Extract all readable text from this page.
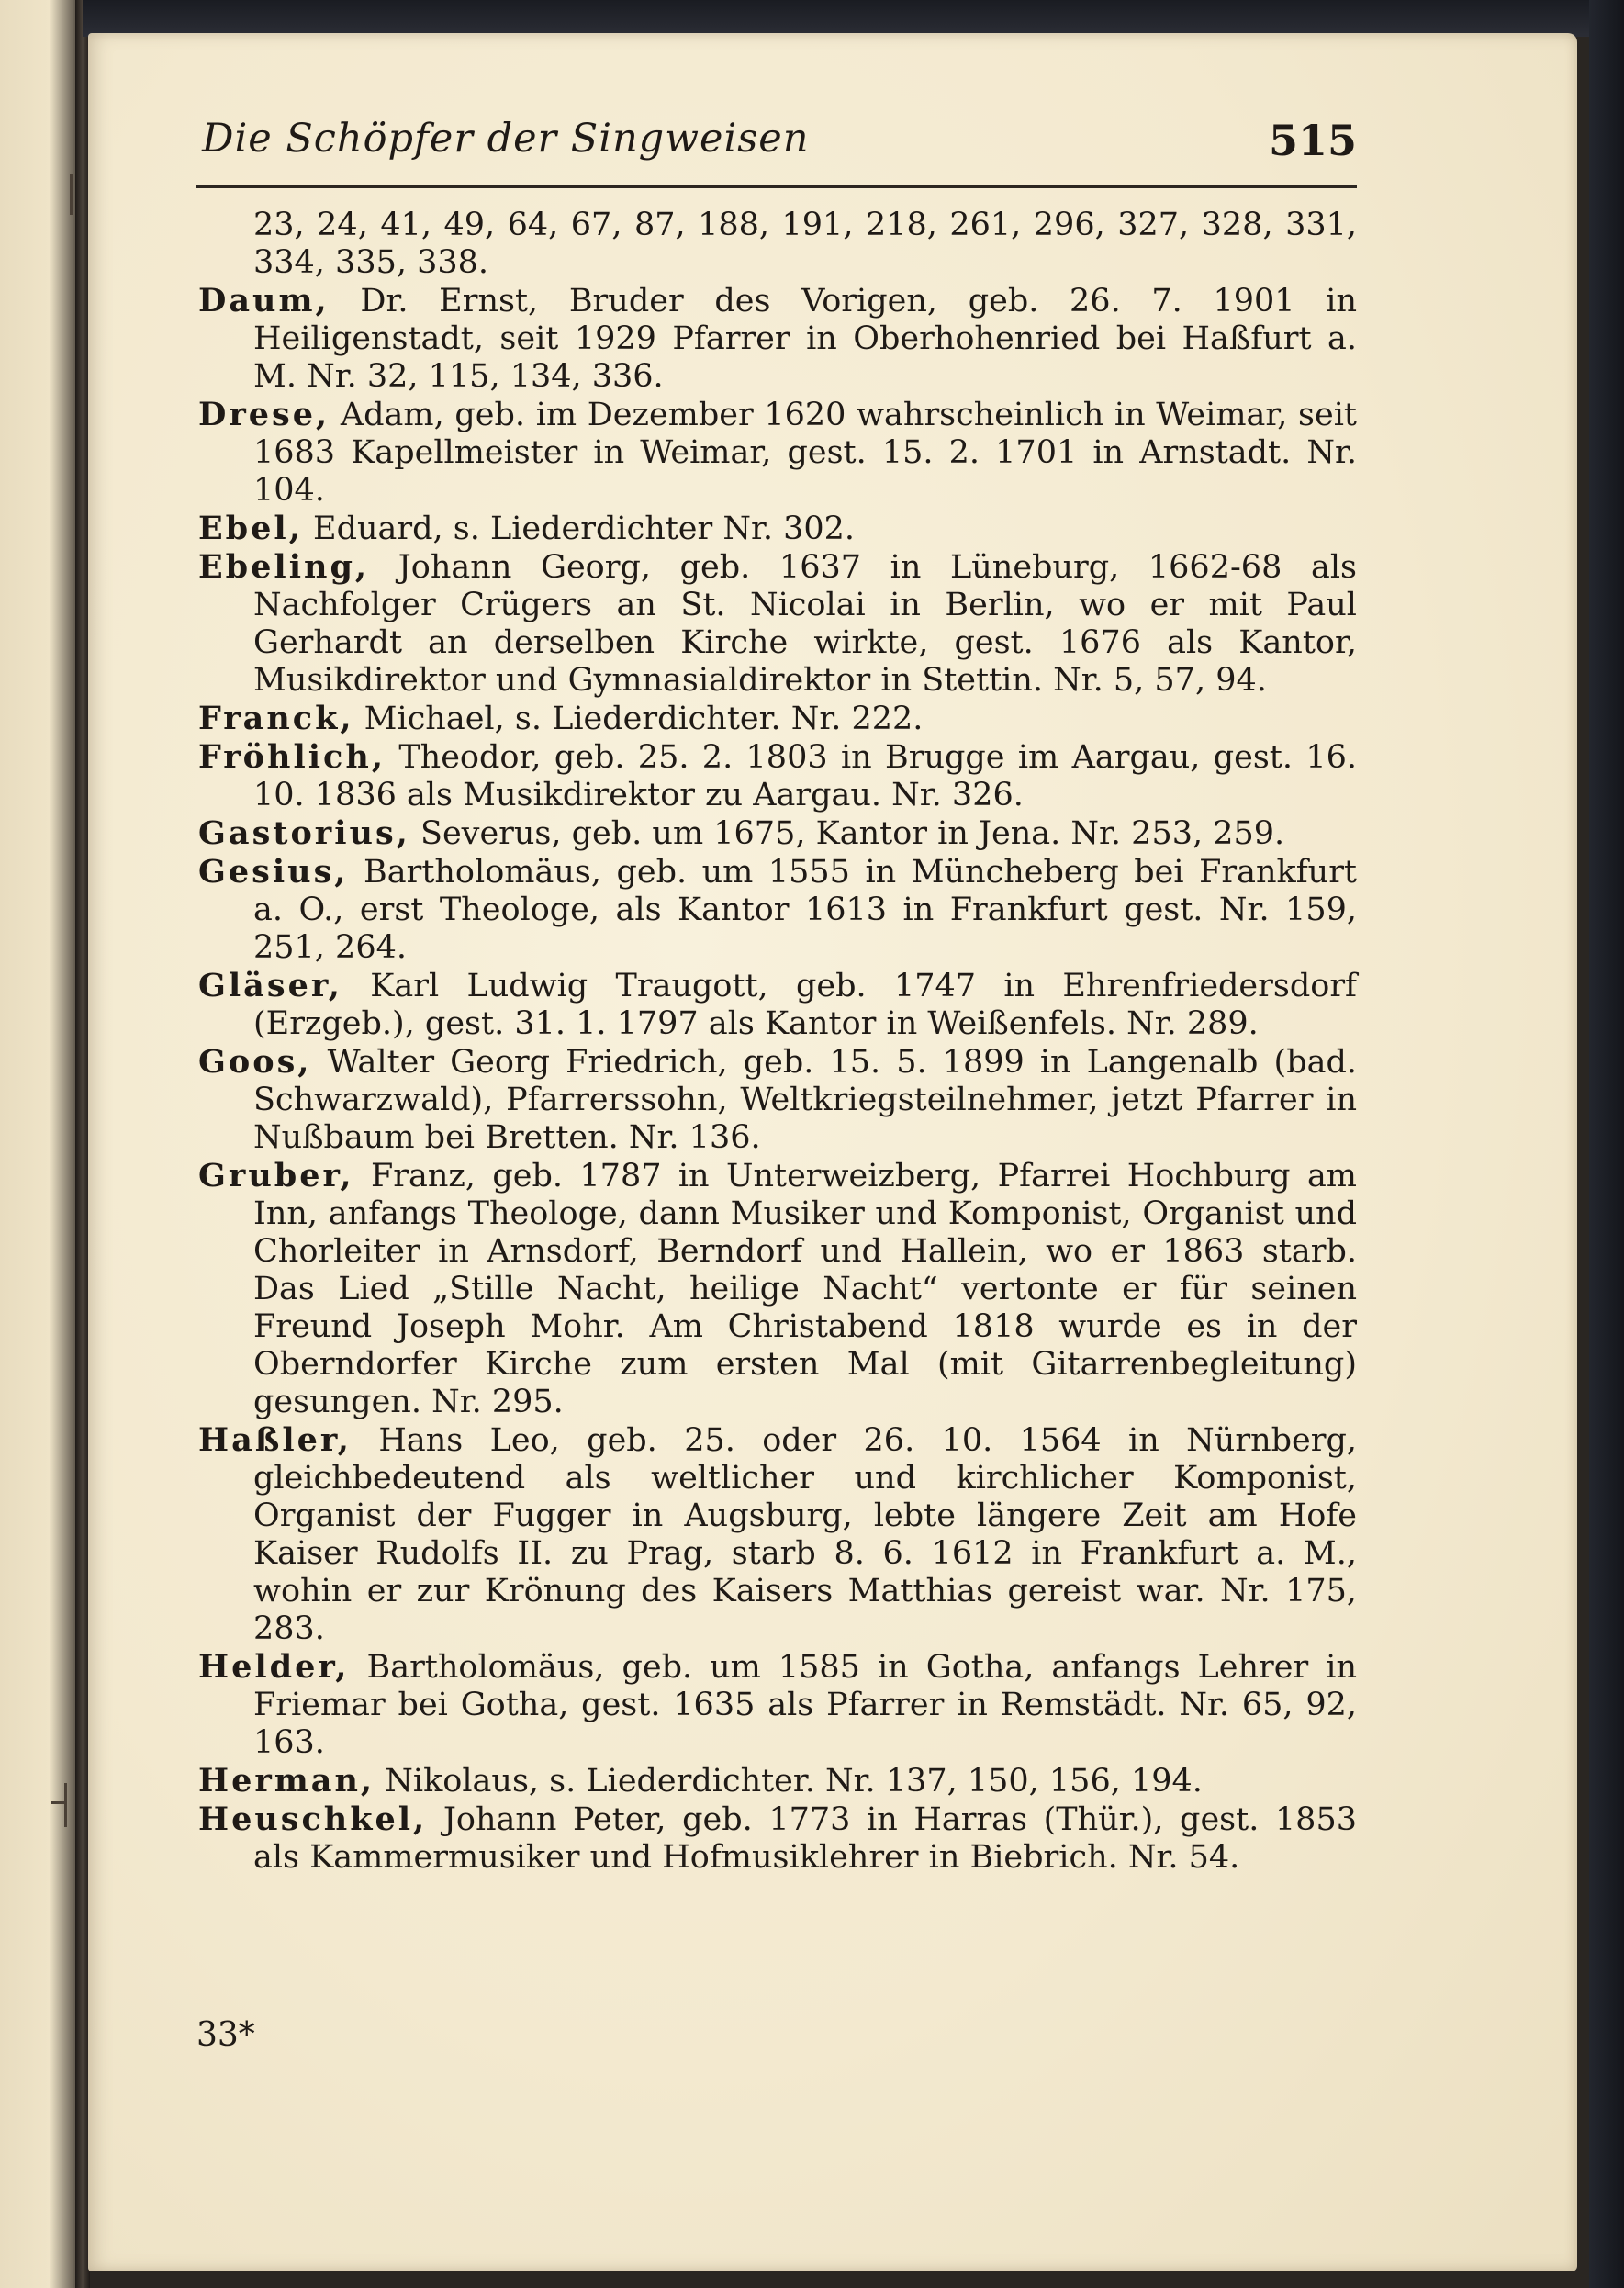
Die Schöpfer der Singweisen	515

23, 24, 41, 49, 64, 67, 87, 188, 191, 218, 261, 296, 327, 328, 331, 334, 335, 338.

Daum, Dr. Ernst, Bruder des Vorigen, geb. 26. 7. 1901 in Heiligenstadt, seit 1929 Pfarrer in Oberhohenried bei Haßfurt a. M. Nr. 32, 115, 134, 336.

Drese, Adam, geb. im Dezember 1620 wahrscheinlich in Weimar, seit 1683 Kapellmeister in Weimar, gest. 15. 2. 1701 in Arnstadt. Nr. 104.

Ebel, Eduard, s. Liederdichter Nr. 302.

Ebeling, Johann Georg, geb. 1637 in Lüneburg, 1662-68 als Nachfolger Crügers an St. Nicolai in Berlin, wo er mit Paul Gerhardt an derselben Kirche wirkte, gest. 1676 als Kantor, Musikdirektor und Gymnasialdirektor in Stettin. Nr. 5, 57, 94.

Franck, Michael, s. Liederdichter. Nr. 222.

Fröhlich, Theodor, geb. 25. 2. 1803 in Brugge im Aargau, gest. 16. 10. 1836 als Musikdirektor zu Aargau. Nr. 326.

Gastorius, Severus, geb. um 1675, Kantor in Jena. Nr. 253, 259.

Gesius, Bartholomäus, geb. um 1555 in Müncheberg bei Frankfurt a. O., erst Theologe, als Kantor 1613 in Frankfurt gest. Nr. 159, 251, 264.

Gläser, Karl Ludwig Traugott, geb. 1747 in Ehrenfriedersdorf (Erzgeb.), gest. 31. 1. 1797 als Kantor in Weißenfels. Nr. 289.

Goos, Walter Georg Friedrich, geb. 15. 5. 1899 in Langenalb (bad. Schwarzwald), Pfarrerssohn, Weltkriegsteilnehmer, jetzt Pfarrer in Nußbaum bei Bretten. Nr. 136.

Gruber, Franz, geb. 1787 in Unterweizberg, Pfarrei Hochburg am Inn, anfangs Theologe, dann Musiker und Komponist, Organist und Chorleiter in Arnsdorf, Berndorf und Hallein, wo er 1863 starb. Das Lied „Stille Nacht, heilige Nacht“ vertonte er für seinen Freund Joseph Mohr. Am Christabend 1818 wurde es in der Oberndorfer Kirche zum ersten Mal (mit Gitarrenbegleitung) gesungen. Nr. 295.

Haßler, Hans Leo, geb. 25. oder 26. 10. 1564 in Nürnberg, gleichbedeutend als weltlicher und kirchlicher Komponist, Organist der Fugger in Augsburg, lebte längere Zeit am Hofe Kaiser Rudolfs II. zu Prag, starb 8. 6. 1612 in Frankfurt a. M., wohin er zur Krönung des Kaisers Matthias gereist war. Nr. 175, 283.

Helder, Bartholomäus, geb. um 1585 in Gotha, anfangs Lehrer in Friemar bei Gotha, gest. 1635 als Pfarrer in Remstädt. Nr. 65, 92, 163.

Herman, Nikolaus, s. Liederdichter. Nr. 137, 150, 156, 194.

Heuschkel, Johann Peter, geb. 1773 in Harras (Thür.), gest. 1853 als Kammermusiker und Hofmusiklehrer in Biebrich. Nr. 54.

33*
